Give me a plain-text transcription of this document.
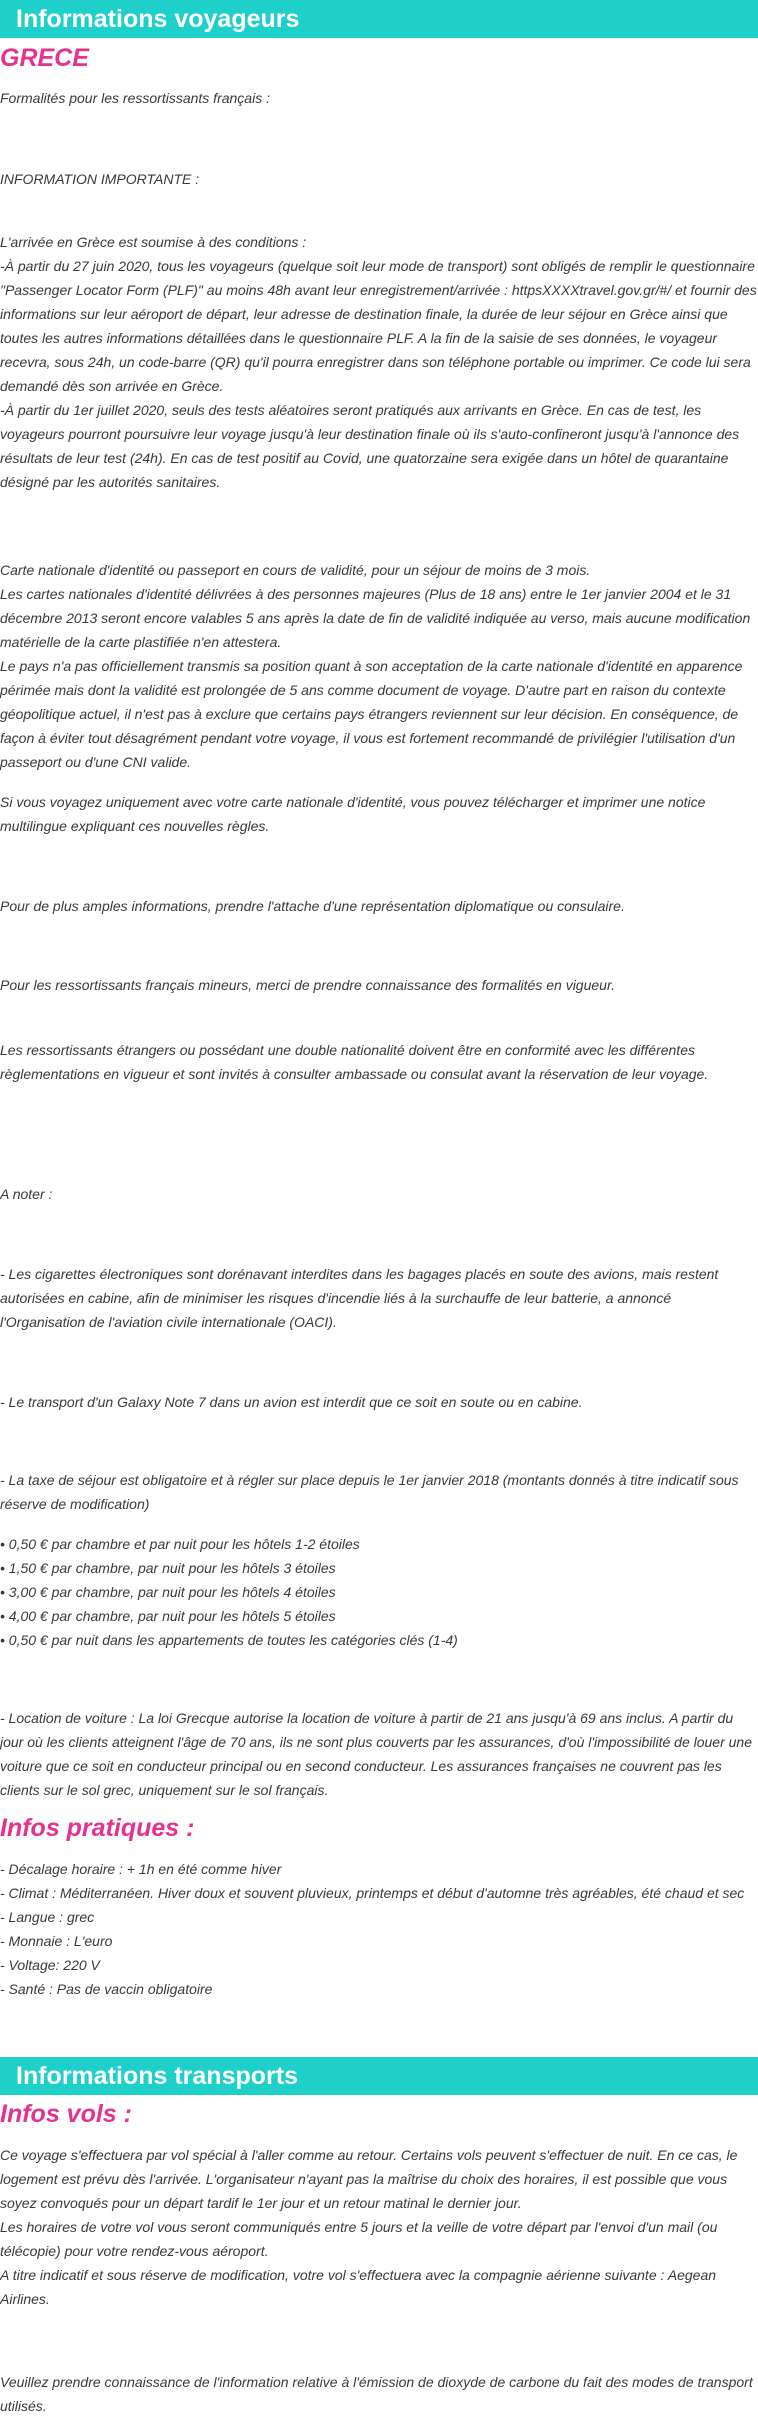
Informations voyageurs
GRECE

Formalités pour les ressortissants français :

INFORMATION IMPORTANTE :

L'arrivée en Grèce est soumise à des conditions :

-À partir du 27 juin 2020, tous les voyageurs (quelque soit leur mode de transport) sont obligés de remplir le questionnaire "Passenger Locator Form (PLF)" au moins 48h avant leur enregistrement/arrivée : httpsXXXXtravel.gov.gr/#/ et fournir des informations sur leur aéroport de départ, leur adresse de destination finale, la durée de leur séjour en Grèce ainsi que toutes les autres informations détaillées dans le questionnaire PLF. A la fin de la saisie de ses données, le voyageur recevra, sous 24h, un code-barre (QR) qu'il pourra enregistrer dans son téléphone portable ou imprimer. Ce code lui sera demandé dès son arrivée en Grèce.

-À partir du 1er juillet 2020, seuls des tests aléatoires seront pratiqués aux arrivants en Grèce. En cas de test, les voyageurs pourront poursuivre leur voyage jusqu'à leur destination finale où ils s'auto-confineront jusqu'à l'annonce des résultats de leur test (24h). En cas de test positif au Covid, une quatorzaine sera exigée dans un hôtel de quarantaine désigné par les autorités sanitaires.

Carte nationale d'identité ou passeport en cours de validité, pour un séjour de moins de 3 mois.

Les cartes nationales d'identité délivrées à des personnes majeures (Plus de 18 ans) entre le 1er janvier 2004 et le 31 décembre 2013 seront encore valables 5 ans après la date de fin de validité indiquée au verso, mais aucune modification matérielle de la carte plastifiée n'en attestera.

Le pays n'a pas officiellement transmis sa position quant à son acceptation de la carte nationale d'identité en apparence périmée mais dont la validité est prolongée de 5 ans comme document de voyage. D'autre part en raison du contexte géopolitique actuel, il n'est pas à exclure que certains pays étrangers reviennent sur leur décision. En conséquence, de façon à éviter tout désagrément pendant votre voyage, il vous est fortement recommandé de privilégier l'utilisation d'un passeport ou d'une CNI valide.

Si vous voyagez uniquement avec votre carte nationale d'identité, vous pouvez télécharger et imprimer une notice multilingue expliquant ces nouvelles règles.

Pour de plus amples informations, prendre l'attache d'une représentation diplomatique ou consulaire.

Pour les ressortissants français mineurs, merci de prendre connaissance des formalités en vigueur.

Les ressortissants étrangers ou possédant une double nationalité doivent être en conformité avec les différentes règlementations en vigueur et sont invités à consulter ambassade ou consulat avant la réservation de leur voyage.

A noter :

- Les cigarettes électroniques sont dorénavant interdites dans les bagages placés en soute des avions, mais restent autorisées en cabine, afin de minimiser les risques d'incendie liés à la surchauffe de leur batterie, a annoncé l'Organisation de l'aviation civile internationale (OACI).

- Le transport d'un Galaxy Note 7 dans un avion est interdit que ce soit en soute ou en cabine.

- La taxe de séjour est obligatoire et à régler sur place depuis le 1er janvier 2018 (montants donnés à titre indicatif sous réserve de modification)

• 0,50 € par chambre et par nuit pour les hôtels 1-2 étoiles

• 1,50 € par chambre, par nuit pour les hôtels 3 étoiles

• 3,00 € par chambre, par nuit pour les hôtels 4 étoiles

• 4,00 € par chambre, par nuit pour les hôtels 5 étoiles

• 0,50 € par nuit dans les appartements de toutes les catégories clés (1-4)

- Location de voiture : La loi Grecque autorise la location de voiture à partir de 21 ans jusqu'à 69 ans inclus. A partir du jour où les clients atteignent l'âge de 70 ans, ils ne sont plus couverts par les assurances, d'où l'impossibilité de louer une voiture que ce soit en conducteur principal ou en second conducteur. Les assurances françaises ne couvrent pas les clients sur le sol grec, uniquement sur le sol français.

Infos pratiques :

- Décalage horaire : + 1h en été comme hiver

- Climat : Méditerranéen. Hiver doux et souvent pluvieux, printemps et début d'automne très agréables, été chaud et sec

- Langue : grec

- Monnaie : L'euro

- Voltage: 220 V

- Santé : Pas de vaccin obligatoire

Informations transports
Infos vols :

Ce voyage s'effectuera par vol spécial à l'aller comme au retour. Certains vols peuvent s'effectuer de nuit. En ce cas, le logement est prévu dès l'arrivée. L'organisateur n'ayant pas la maîtrise du choix des horaires, il est possible que vous soyez convoqués pour un départ tardif le 1er jour et un retour matinal le dernier jour.

Les horaires de votre vol vous seront communiqués entre 5 jours et la veille de votre départ par l'envoi d'un mail (ou télécopie) pour votre rendez-vous aéroport.

A titre indicatif et sous réserve de modification, votre vol s'effectuera avec la compagnie aérienne suivante : Aegean Airlines.

Veuillez prendre connaissance de l'information relative à l'émission de dioxyde de carbone du fait des modes de transport utilisés.
